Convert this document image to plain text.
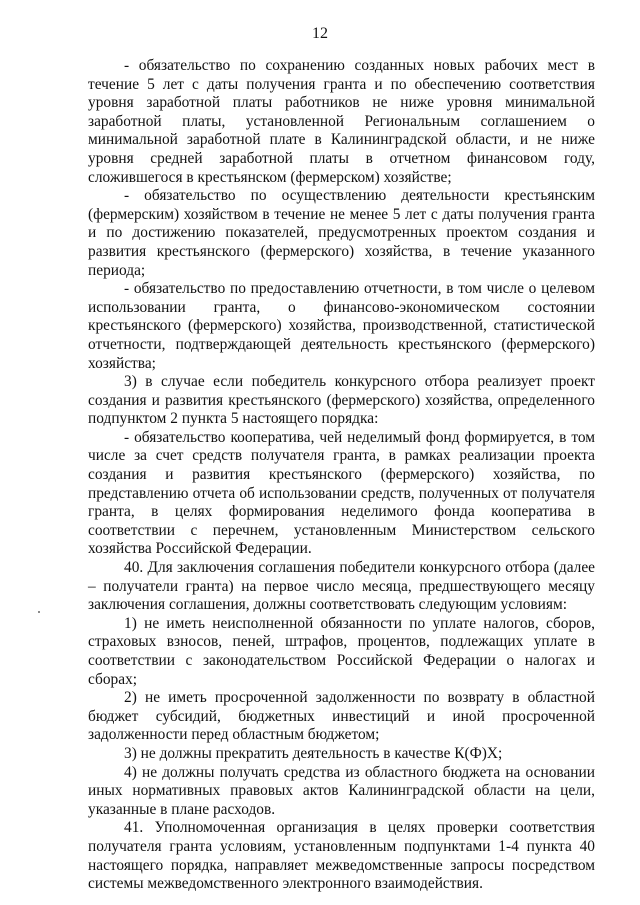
12

- обязательство по сохранению созданных новых рабочих мест в течение 5 лет с даты получения гранта и по обеспечению соответствия уровня заработной платы работников не ниже уровня минимальной заработной платы, установленной Региональным соглашением о минимальной заработной плате в Калининградской области, и не ниже уровня средней заработной платы в отчетном финансовом году, сложившегося в крестьянском (фермерском) хозяйстве;

- обязательство по осуществлению деятельности крестьянским (фермерским) хозяйством в течение не менее 5 лет с даты получения гранта и по достижению показателей, предусмотренных проектом создания и развития крестьянского (фермерского) хозяйства, в течение указанного периода;

- обязательство по предоставлению отчетности, в том числе о целевом использовании гранта, о финансово-экономическом состоянии крестьянского (фермерского) хозяйства, производственной, статистической отчетности, подтверждающей деятельность крестьянского (фермерского) хозяйства;

3) в случае если победитель конкурсного отбора реализует проект создания и развития крестьянского (фермерского) хозяйства, определенного подпунктом 2 пункта 5 настоящего порядка:

- обязательство кооператива, чей неделимый фонд формируется, в том числе за счет средств получателя гранта, в рамках реализации проекта создания и развития крестьянского (фермерского) хозяйства, по представлению отчета об использовании средств, полученных от получателя гранта, в целях формирования неделимого фонда кооператива в соответствии с перечнем, установленным Министерством сельского хозяйства Российской Федерации.

40. Для заключения соглашения победители конкурсного отбора (далее – получатели гранта) на первое число месяца, предшествующего месяцу заключения соглашения, должны соответствовать следующим условиям:

1) не иметь неисполненной обязанности по уплате налогов, сборов, страховых взносов, пеней, штрафов, процентов, подлежащих уплате в соответствии с законодательством Российской Федерации о налогах и сборах;

2) не иметь просроченной задолженности по возврату в областной бюджет субсидий, бюджетных инвестиций и иной просроченной задолженности перед областным бюджетом;

3) не должны прекратить деятельность в качестве К(Ф)Х;

4) не должны получать средства из областного бюджета на основании иных нормативных правовых актов Калининградской области на цели, указанные в плане расходов.

41. Уполномоченная организация в целях проверки соответствия получателя гранта условиям, установленным подпунктами 1-4 пункта 40 настоящего порядка, направляет межведомственные запросы посредством системы межведомственного электронного взаимодействия.
